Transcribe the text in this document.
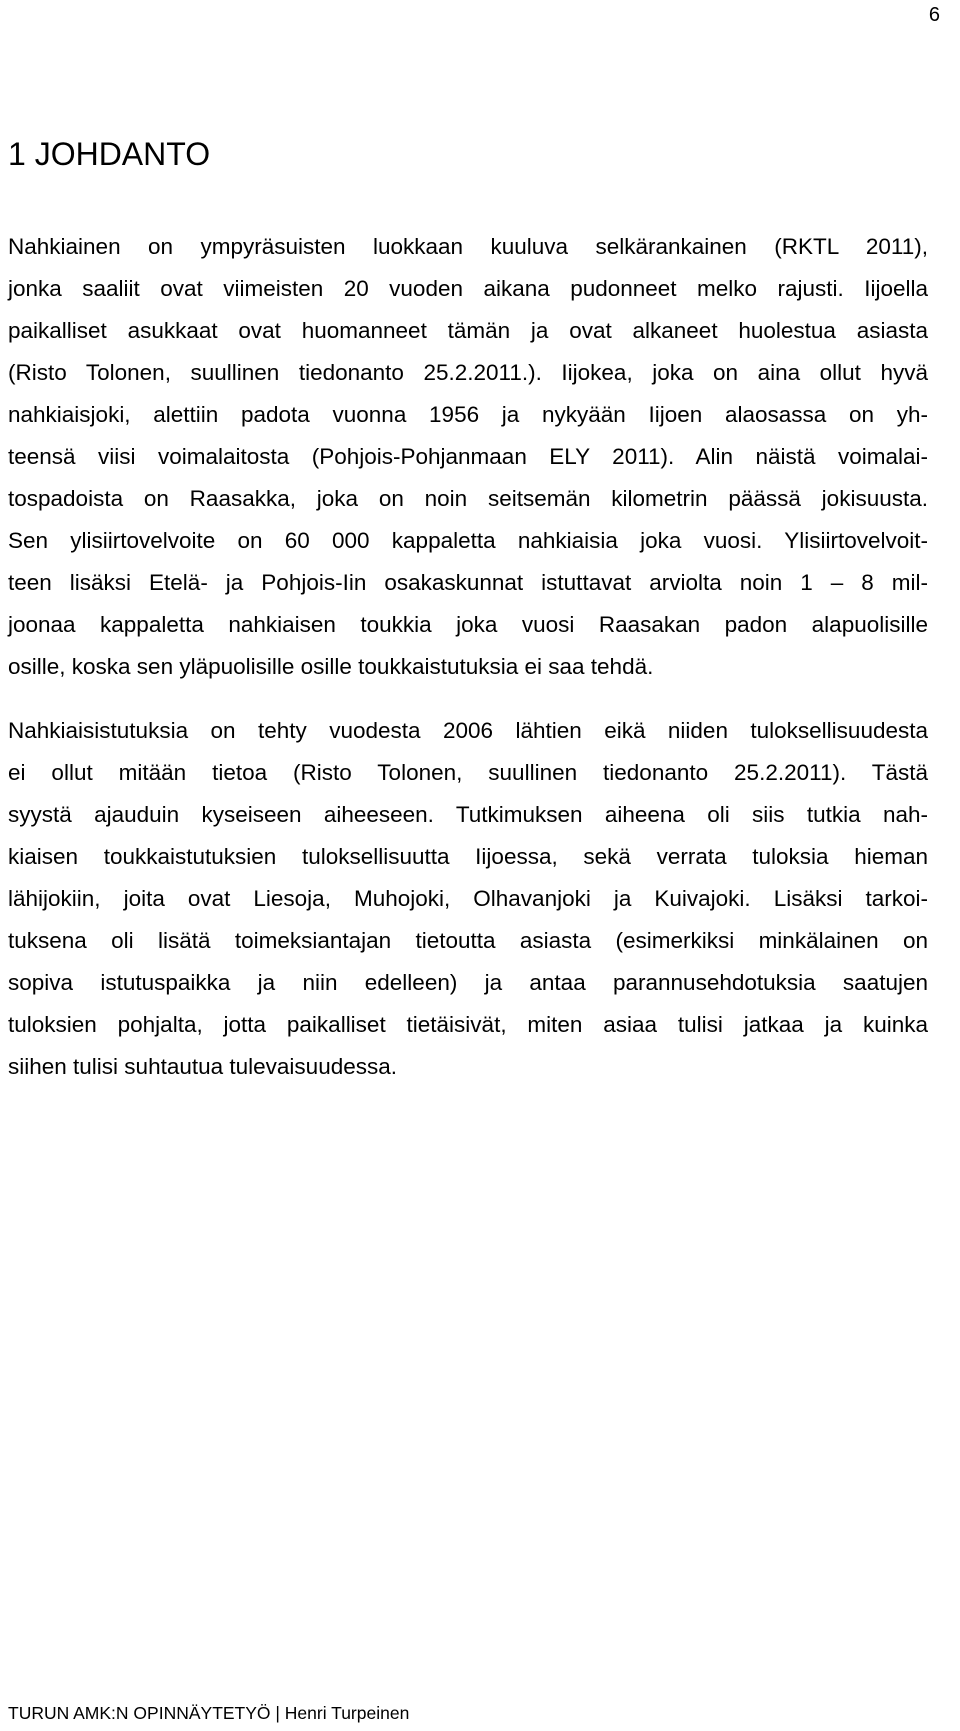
6
1 JOHDANTO
Nahkiainen on ympyräsuisten luokkaan kuuluva selkärankainen (RKTL 2011),
jonka saaliit ovat viimeisten 20 vuoden aikana pudonneet melko rajusti. Iijoella
paikalliset asukkaat ovat huomanneet tämän ja ovat alkaneet huolestua asiasta
(Risto Tolonen, suullinen tiedonanto 25.2.2011.). Iijokea, joka on aina ollut hyvä
nahkiaisjoki, alettiin padota vuonna 1956 ja nykyään Iijoen alaosassa on yh-
teensä viisi voimalaitosta (Pohjois-Pohjanmaan ELY 2011). Alin näistä voimalai-
tospadoista on Raasakka, joka on noin seitsemän kilometrin päässä jokisuusta.
Sen ylisiirtovelvoite on 60 000 kappaletta nahkiaisia joka vuosi. Ylisiirtovelvoit-
teen lisäksi Etelä- ja Pohjois-Iin osakaskunnat istuttavat arviolta noin 1 – 8 mil-
joonaa kappaletta nahkiaisen toukkia joka vuosi Raasakan padon alapuolisille
osille, koska sen yläpuolisille osille toukkaistutuksia ei saa tehdä.
Nahkiaisistutuksia on tehty vuodesta 2006 lähtien eikä niiden tuloksellisuudesta
ei ollut mitään tietoa (Risto Tolonen, suullinen tiedonanto 25.2.2011). Tästä
syystä ajauduin kyseiseen aiheeseen. Tutkimuksen aiheena oli siis tutkia nah-
kiaisen toukkaistutuksien tuloksellisuutta Iijoessa, sekä verrata tuloksia hieman
lähijokiin, joita ovat Liesoja, Muhojoki, Olhavanjoki ja Kuivajoki. Lisäksi tarkoi-
tuksena oli lisätä toimeksiantajan tietoutta asiasta (esimerkiksi minkälainen on
sopiva istutuspaikka ja niin edelleen) ja antaa parannusehdotuksia saatujen
tuloksien pohjalta, jotta paikalliset tietäisivät, miten asiaa tulisi jatkaa ja kuinka
siihen tulisi suhtautua tulevaisuudessa.
TURUN AMK:N OPINNÄYTETYÖ | Henri Turpeinen
